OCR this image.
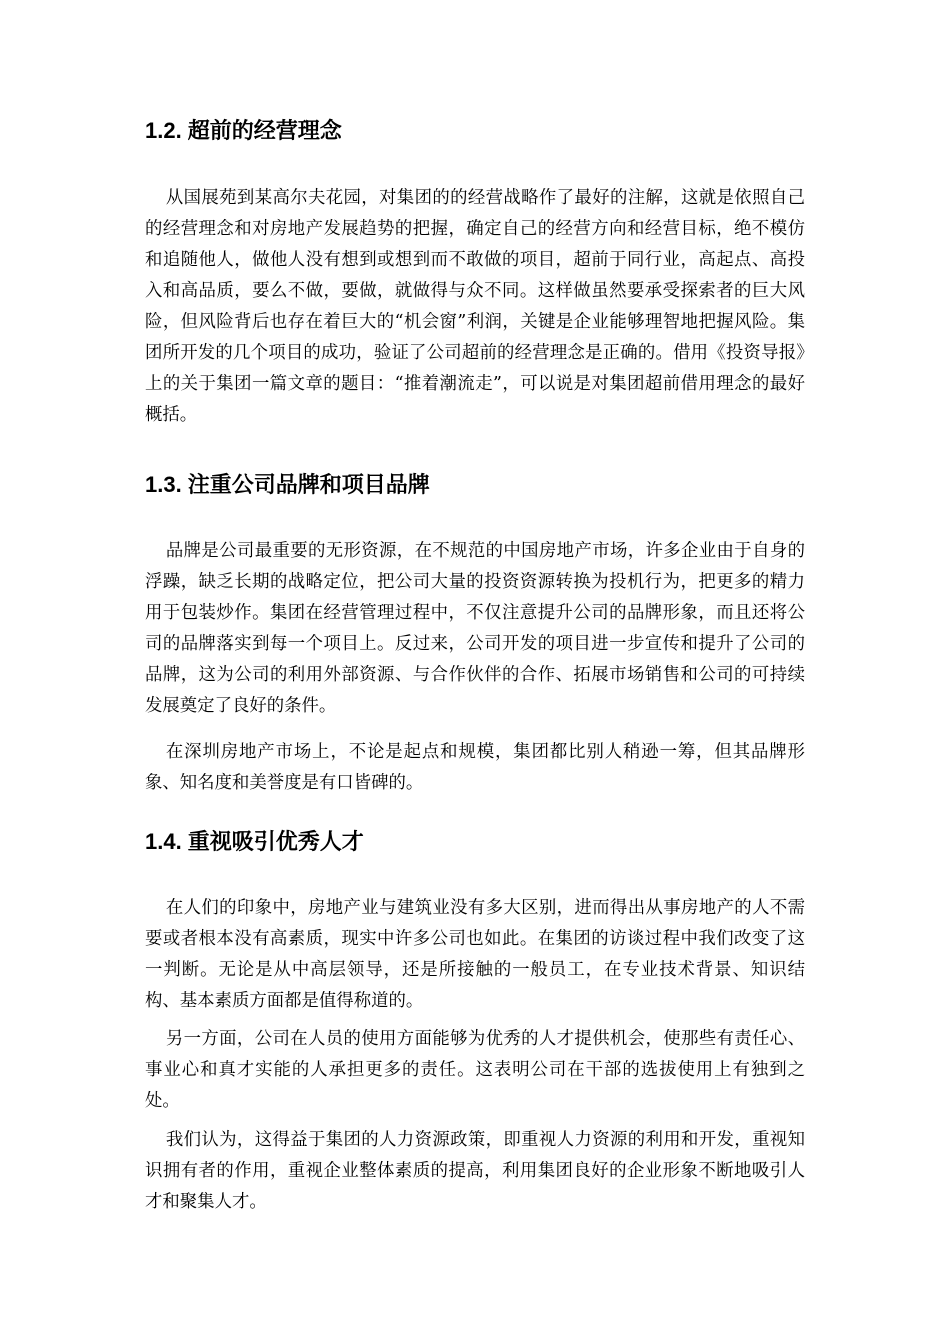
1.2. 超前的经营理念

从国展苑到某高尔夫花园，对集团的的经营战略作了最好的注解，这就是依照自己的经营理念和对房地产发展趋势的把握，确定自己的经营方向和经营目标，绝不模仿和追随他人，做他人没有想到或想到而不敢做的项目，超前于同行业，高起点、高投入和高品质，要么不做，要做，就做得与众不同。这样做虽然要承受探索者的巨大风险，但风险背后也存在着巨大的“机会窗”利润，关键是企业能够理智地把握风险。集团所开发的几个项目的成功，验证了公司超前的经营理念是正确的。借用《投资导报》上的关于集团一篇文章的题目：“推着潮流走”，可以说是对集团超前借用理念的最好概括。

1.3. 注重公司品牌和项目品牌

品牌是公司最重要的无形资源，在不规范的中国房地产市场，许多企业由于自身的浮躁，缺乏长期的战略定位，把公司大量的投资资源转换为投机行为，把更多的精力用于包装炒作。集团在经营管理过程中，不仅注意提升公司的品牌形象，而且还将公司的品牌落实到每一个项目上。反过来，公司开发的项目进一步宣传和提升了公司的品牌，这为公司的利用外部资源、与合作伙伴的合作、拓展市场销售和公司的可持续发展奠定了良好的条件。

在深圳房地产市场上，不论是起点和规模，集团都比别人稍逊一筹，但其品牌形象、知名度和美誉度是有口皆碑的。

1.4. 重视吸引优秀人才

在人们的印象中，房地产业与建筑业没有多大区别，进而得出从事房地产的人不需要或者根本没有高素质，现实中许多公司也如此。在集团的访谈过程中我们改变了这一判断。无论是从中高层领导，还是所接触的一般员工，在专业技术背景、知识结构、基本素质方面都是值得称道的。

另一方面，公司在人员的使用方面能够为优秀的人才提供机会，使那些有责任心、事业心和真才实能的人承担更多的责任。这表明公司在干部的选拔使用上有独到之处。

我们认为，这得益于集团的人力资源政策，即重视人力资源的利用和开发，重视知识拥有者的作用，重视企业整体素质的提高，利用集团良好的企业形象不断地吸引人才和聚集人才。
